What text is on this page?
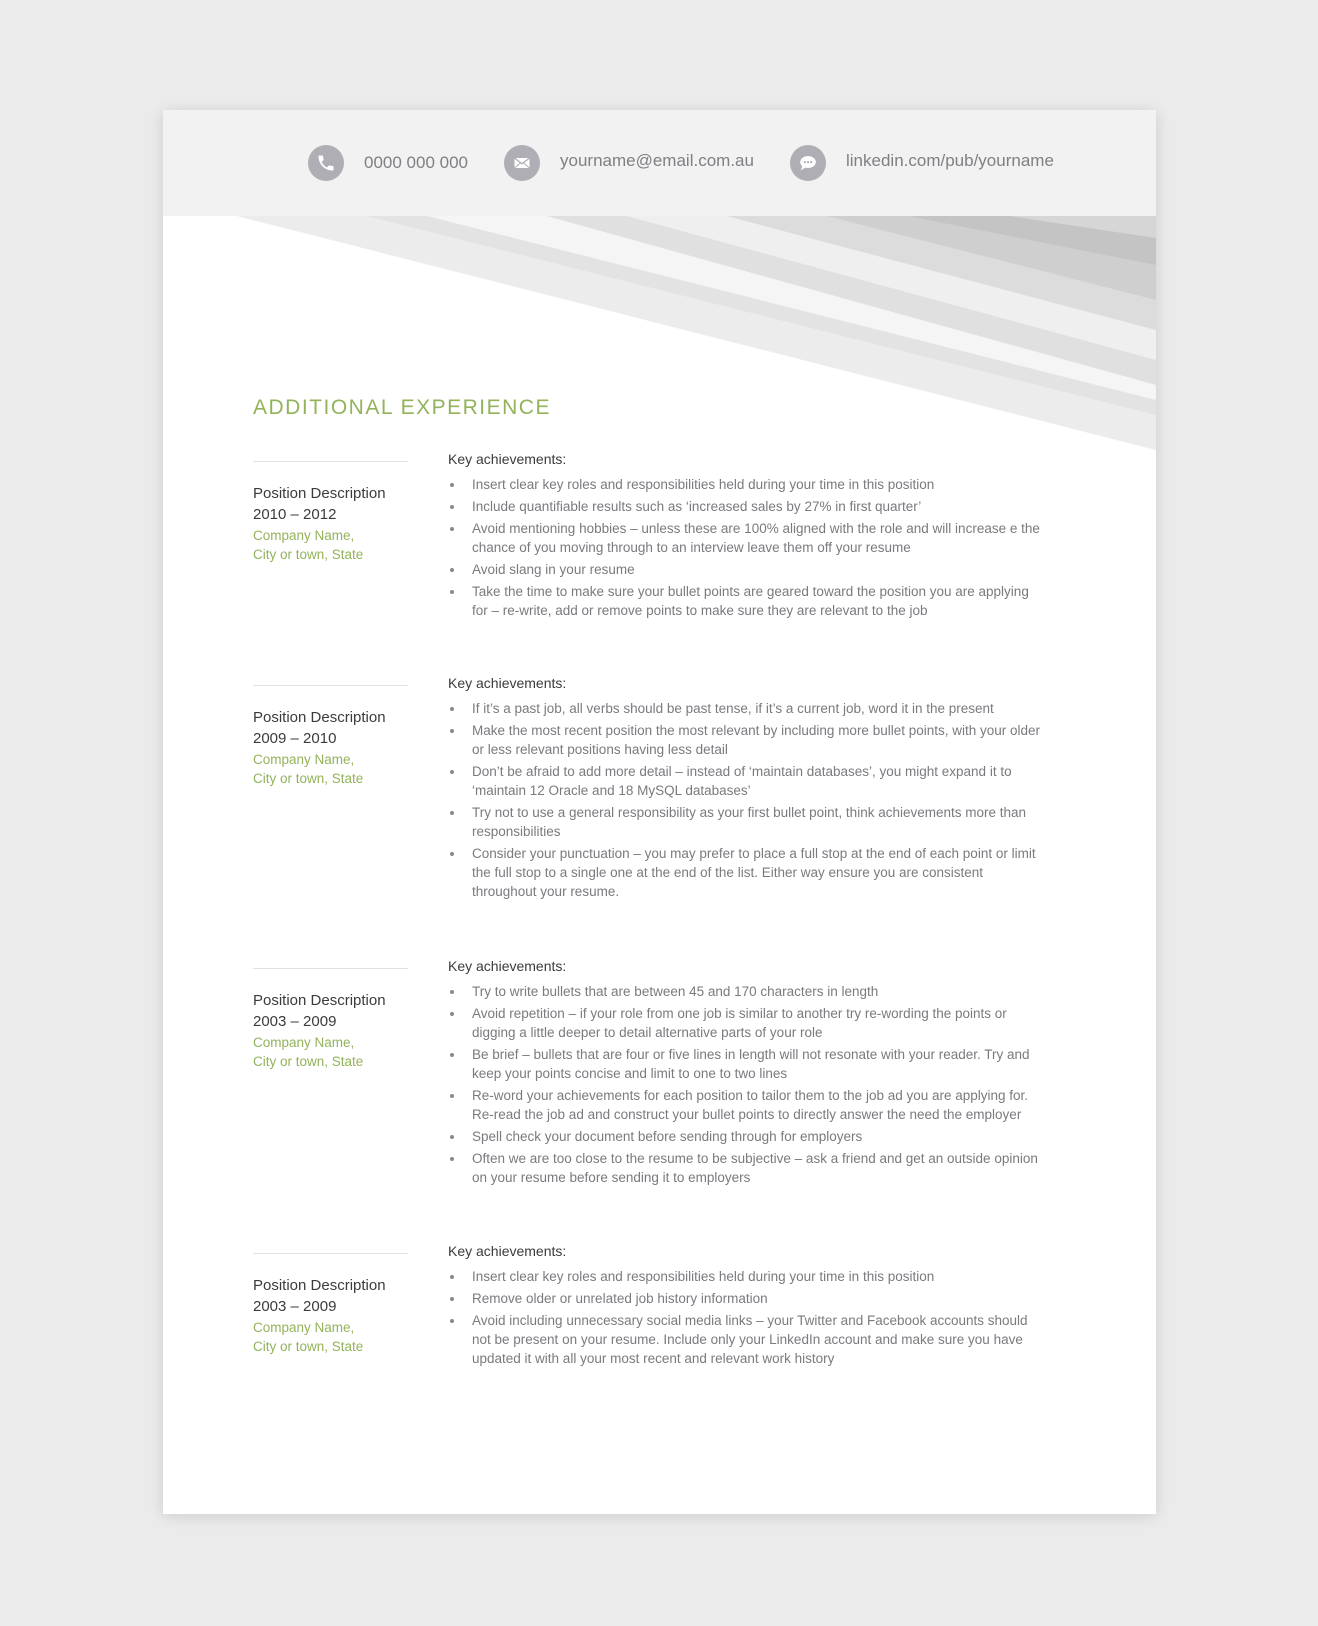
0000 000 000	yourname@email.com.au	linkedin.com/pub/yourname
ADDITIONAL EXPERIENCE
Position Description
2010 – 2012
Company Name,
City or town, State
Key achievements:
Insert clear key roles and responsibilities held during your time in this position
Include quantifiable results such as ‘increased sales by 27% in first quarter’
Avoid mentioning hobbies – unless these are 100% aligned with the role and will increase e the chance of you moving through to an interview leave them off your resume
Avoid slang in your resume
Take the time to make sure your bullet points are geared toward the position you are applying for – re-write, add or remove points to make sure they are relevant to the job
Position Description
2009 – 2010
Company Name,
City or town, State
Key achievements:
If it’s a past job, all verbs should be past tense, if it’s a current job, word it in the present
Make the most recent position the most relevant by including more bullet points, with your older or less relevant positions having less detail
Don’t be afraid to add more detail – instead of ‘maintain databases’, you might expand it to ‘maintain 12 Oracle and 18 MySQL databases’
Try not to use a general responsibility as your first bullet point, think achievements more than responsibilities
Consider your punctuation – you may prefer to place a full stop at the end of each point or limit the full stop to a single one at the end of the list. Either way ensure you are consistent throughout your resume.
Position Description
2003 – 2009
Company Name,
City or town, State
Key achievements:
Try to write bullets that are between 45 and 170 characters in length
Avoid repetition – if your role from one job is similar to another try re-wording the points or digging a little deeper to detail alternative parts of your role
Be brief – bullets that are four or five lines in length will not resonate with your reader. Try and keep your points concise and limit to one to two lines
Re-word your achievements for each position to tailor them to the job ad you are applying for. Re-read the job ad and construct your bullet points to directly answer the need the employer
Spell check your document before sending through for employers
Often we are too close to the resume to be subjective – ask a friend and get an outside opinion on your resume before sending it to employers
Position Description
2003 – 2009
Company Name,
City or town, State
Key achievements:
Insert clear key roles and responsibilities held during your time in this position
Remove older or unrelated job history information
Avoid including unnecessary social media links – your Twitter and Facebook accounts should not be present on your resume. Include only your LinkedIn account and make sure you have updated it with all your most recent and relevant work history
